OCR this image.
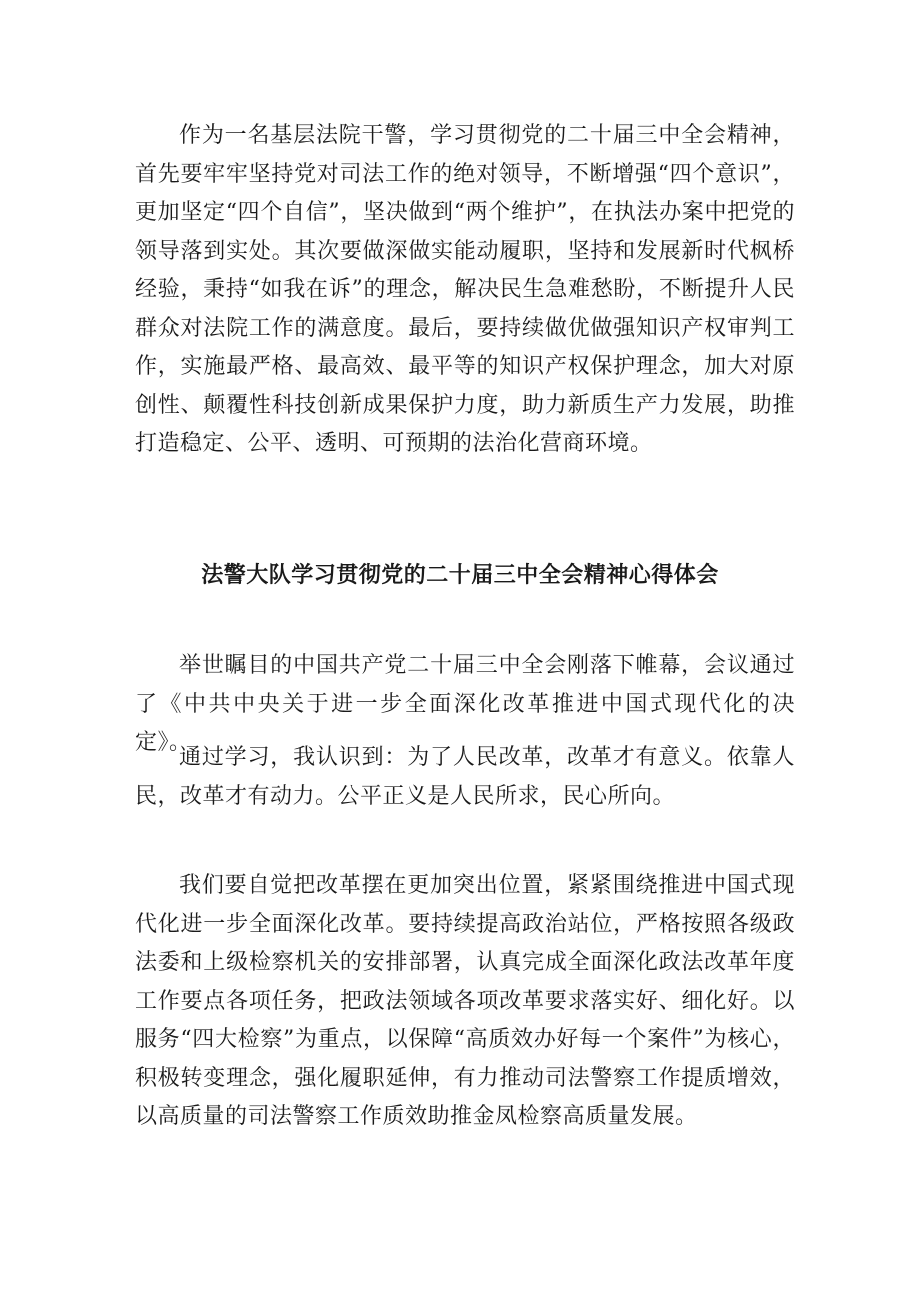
作为一名基层法院干警，学习贯彻党的二十届三中全会精神，首先要牢牢坚持党对司法工作的绝对领导，不断增强“四个意识”，更加坚定“四个自信”，坚决做到“两个维护”，在执法办案中把党的领导落到实处。其次要做深做实能动履职，坚持和发展新时代枫桥经验，秉持“如我在诉”的理念，解决民生急难愁盼，不断提升人民群众对法院工作的满意度。最后，要持续做优做强知识产权审判工作，实施最严格、最高效、最平等的知识产权保护理念，加大对原创性、颠覆性科技创新成果保护力度，助力新质生产力发展，助推打造稳定、公平、透明、可预期的法治化营商环境。

法警大队学习贯彻党的二十届三中全会精神心得体会

举世瞩目的中国共产党二十届三中全会刚落下帷幕，会议通过了《中共中央关于进一步全面深化改革推进中国式现代化的决定》。

通过学习，我认识到：为了人民改革，改革才有意义。依靠人民，改革才有动力。公平正义是人民所求，民心所向。

我们要自觉把改革摆在更加突出位置，紧紧围绕推进中国式现代化进一步全面深化改革。要持续提高政治站位，严格按照各级政法委和上级检察机关的安排部署，认真完成全面深化政法改革年度工作要点各项任务，把政法领域各项改革要求落实好、细化好。以服务“四大检察”为重点，以保障“高质效办好每一个案件”为核心，积极转变理念，强化履职延伸，有力推动司法警察工作提质增效，以高质量的司法警察工作质效助推金凤检察高质量发展。
